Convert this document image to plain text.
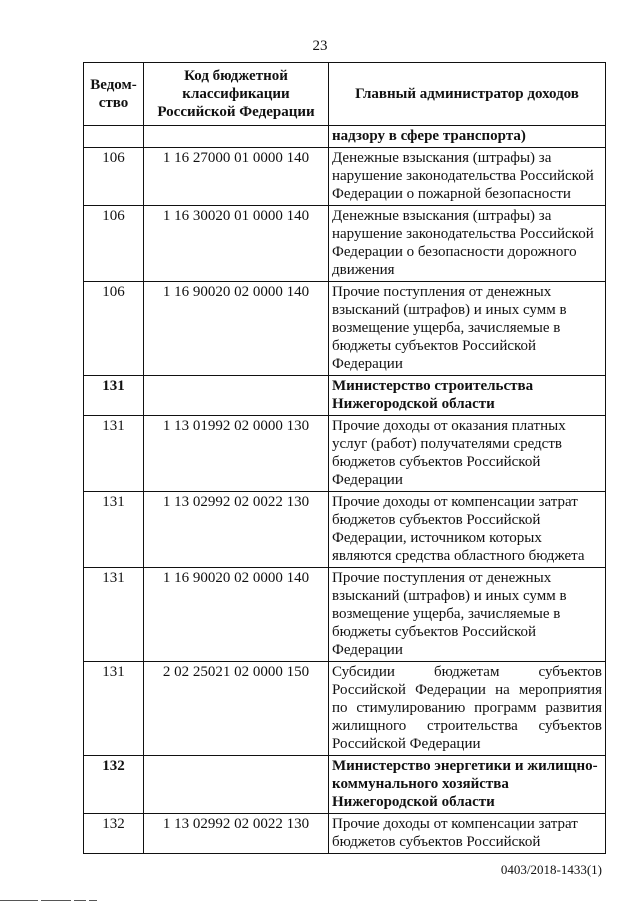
23
Ведом-ство	Код бюджетной классификации Российской Федерации	Главный администратор доходов
		надзору в сфере транспорта)
106	1 16 27000 01 0000 140	Денежные взыскания (штрафы) за нарушение законодательства Российской Федерации о пожарной безопасности
106	1 16 30020 01 0000 140	Денежные взыскания (штрафы) за нарушение законодательства Российской Федерации о безопасности дорожного движения
106	1 16 90020 02 0000 140	Прочие поступления от денежных взысканий (штрафов) и иных сумм в возмещение ущерба, зачисляемые в бюджеты субъектов Российской Федерации
131		Министерство строительства Нижегородской области
131	1 13 01992 02 0000 130	Прочие доходы от оказания платных услуг (работ) получателями средств бюджетов субъектов Российской Федерации
131	1 13 02992 02 0022 130	Прочие доходы от компенсации затрат бюджетов субъектов Российской Федерации, источником которых являются средства областного бюджета
131	1 16 90020 02 0000 140	Прочие поступления от денежных взысканий (штрафов) и иных сумм в возмещение ущерба, зачисляемые в бюджеты субъектов Российской Федерации
131	2 02 25021 02 0000 150	Субсидии бюджетам субъектов Российской Федерации на мероприятия по стимулированию программ развития жилищного строительства субъектов Российской Федерации
132		Министерство энергетики и жилищно-коммунального хозяйства Нижегородской области
132	1 13 02992 02 0022 130	Прочие доходы от компенсации затрат бюджетов субъектов Российской
0403/2018-1433(1)
